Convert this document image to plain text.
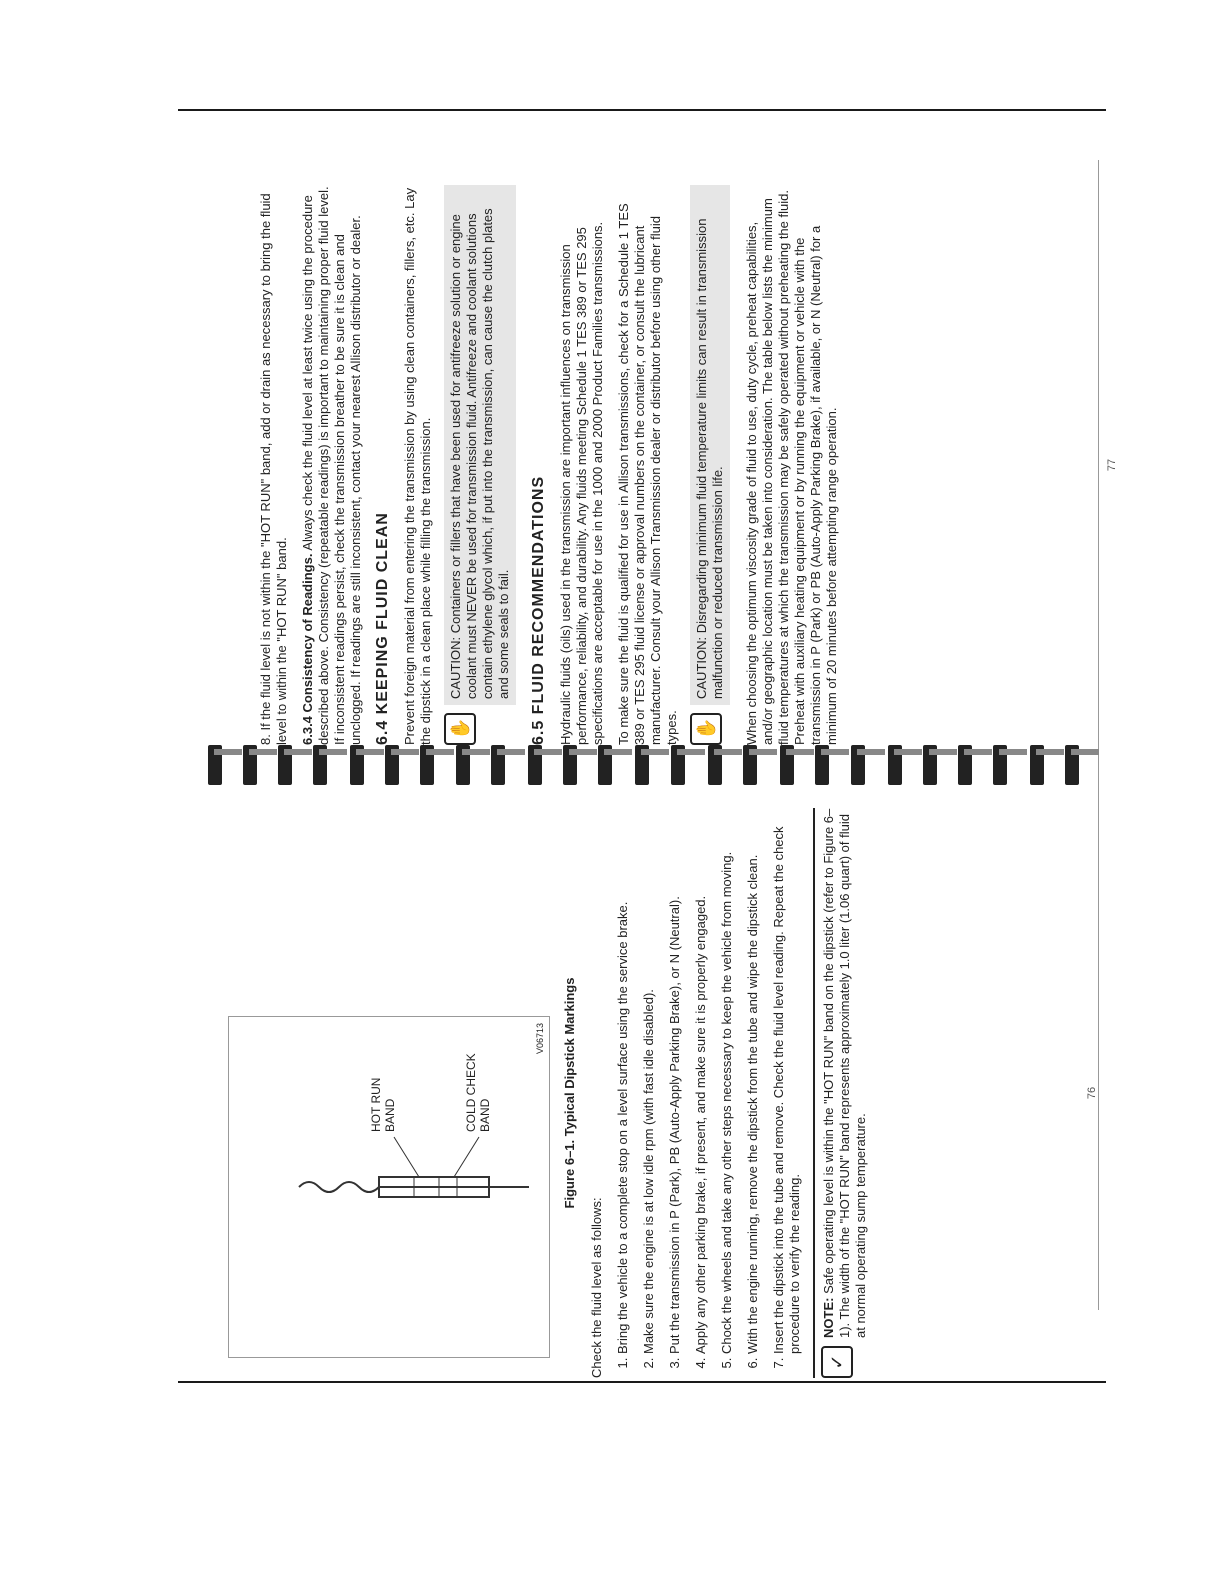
HOT RUN
BAND	COLD CHECK
BAND
V06713 Figure 6–1. Typical Dipstick Markings

Check the fluid level as follows: 1. Bring the vehicle to a complete stop on a level surface using the service brake. 2. Make sure the engine is at low idle rpm (with fast idle disabled). 3. Put the transmission in P (Park), PB (Auto-Apply Parking Brake), or N (Neutral). 4. Apply any other parking brake, if present, and make sure it is properly engaged. 5. Chock the wheels and take any other steps necessary to keep the vehicle from moving. 6. With the engine running, remove the dipstick from the tube and wipe the dipstick clean. 7. Insert the dipstick into the tube and remove. Check the fluid level reading. Repeat the check procedure to verify the reading.
✓

NOTE: Safe operating level is within the "HOT RUN" band on the dipstick (refer to Figure 6–1). The width of the "HOT RUN" band represents approximately 1.0 liter (1.06 quart) of fluid at normal operating sump temperature.

76

8. If the fluid level is not within the "HOT RUN" band, add or drain as necessary to bring the fluid level to within the "HOT RUN" band. 6.3.4 Consistency of Readings. Always check the fluid level at least twice using the procedure described above. Consistency (repeatable readings) is important to maintaining proper fluid level. If inconsistent readings persist, check the transmission breather to be sure it is clean and unclogged. If readings are still inconsistent, contact your nearest Allison distributor or dealer. 6.4 KEEPING FLUID CLEAN Prevent foreign material from entering the transmission by using clean containers, fillers, etc. Lay the dipstick in a clean place while filling the transmission. ✋
CAUTION: Containers or fillers that have been used for antifreeze solution or engine coolant must NEVER be used for transmission fluid. Antifreeze and coolant solutions contain ethylene glycol which, if put into the transmission, can cause the clutch plates and some seals to fail.	6.5 FLUID RECOMMENDATIONS Hydraulic fluids (oils) used in the transmission are important influences on transmission performance, reliability, and durability. Any fluids meeting Schedule 1 TES 389 or TES 295 specifications are acceptable for use in the 1000 and 2000 Product Families transmissions. To make sure the fluid is qualified for use in Allison transmissions, check for a Schedule 1 TES 389 or TES 295 fluid license or approval numbers on the container, or consult the lubricant manufacturer. Consult your Allison Transmission dealer or distributor before using other fluid types. ✋
CAUTION: Disregarding minimum fluid temperature limits can result in transmission malfunction or reduced transmission life.	When choosing the optimum viscosity grade of fluid to use, duty cycle, preheat capabilities, and/or geographic location must be taken into consideration. The table below lists the minimum fluid temperatures at which the transmission may be safely operated without preheating the fluid. Preheat with auxiliary heating equipment or by running the equipment or vehicle with the transmission in P (Park) or PB (Auto-Apply Parking Brake), if available, or N (Neutral) for a minimum of 20 minutes before attempting range operation.	77
